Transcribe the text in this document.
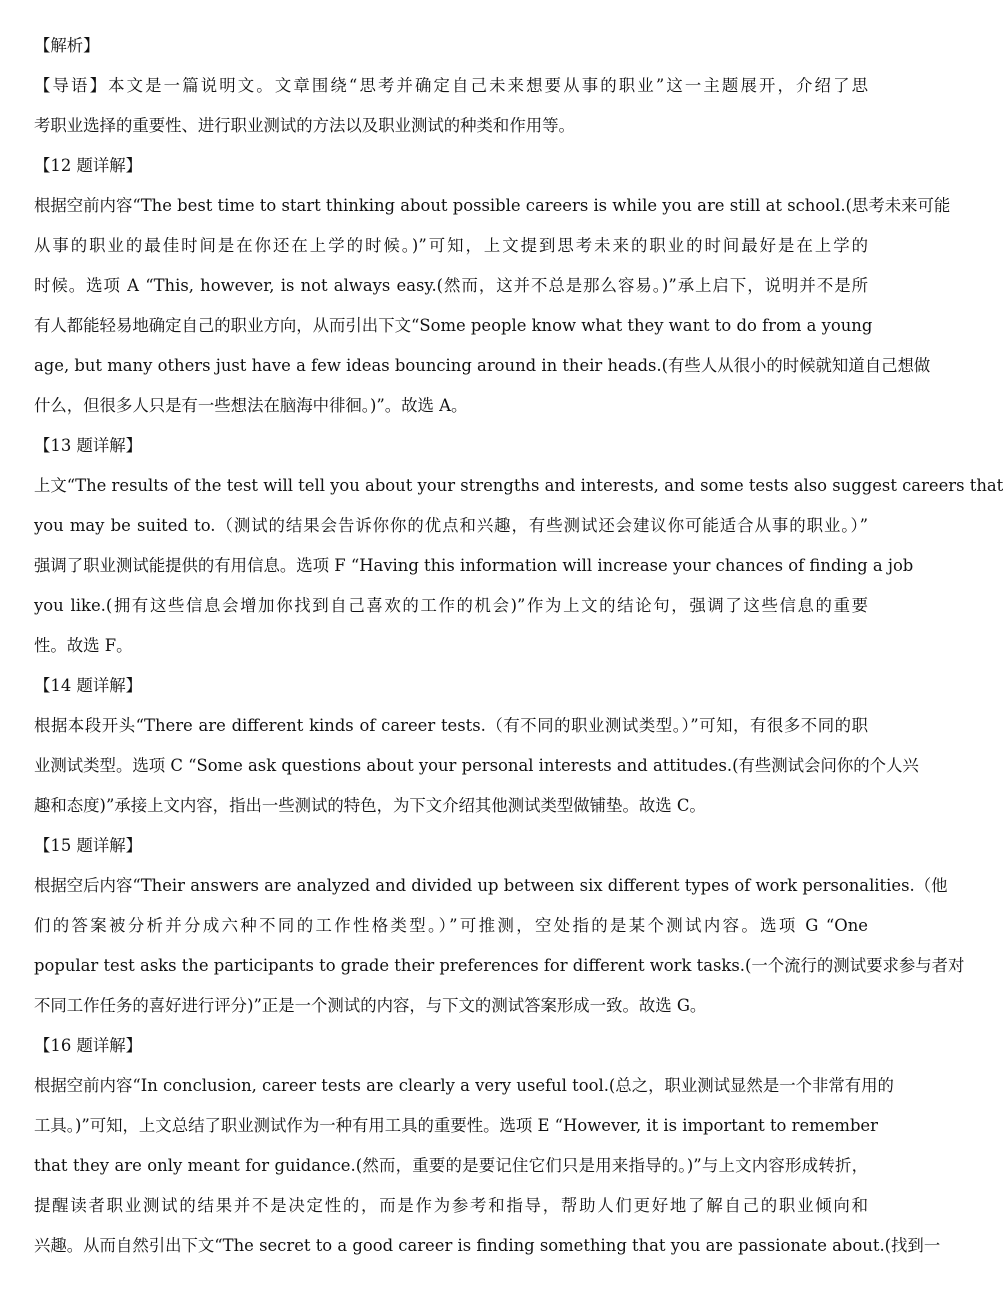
【解析】
【导语】本文是一篇说明文。文章围绕“思考并确定自己未来想要从事的职业”这一主题展开，介绍了思
考职业选择的重要性、进行职业测试的方法以及职业测试的种类和作用等。
【12 题详解】
根据空前内容“The best time to start thinking about possible careers is while you are still at school.(思考未来可能
从事的职业的最佳时间是在你还在上学的时候。)”可知，上文提到思考未来的职业的时间最好是在上学的
时候。选项 A “This, however, is not always easy.(然而，这并不总是那么容易。)”承上启下，说明并不是所
有人都能轻易地确定自己的职业方向，从而引出下文“Some people know what they want to do from a young
age, but many others just have a few ideas bouncing around in their heads.(有些人从很小的时候就知道自己想做
什么，但很多人只是有一些想法在脑海中徘徊。)”。故选 A。
【13 题详解】
上文“The results of the test will tell you about your strengths and interests, and some tests also suggest careers that
you may be suited to.（测试的结果会告诉你你的优点和兴趣，有些测试还会建议你可能适合从事的职业。）”
强调了职业测试能提供的有用信息。选项 F “Having this information will increase your chances of finding a job
you like.(拥有这些信息会增加你找到自己喜欢的工作的机会)”作为上文的结论句，强调了这些信息的重要
性。故选 F。
【14 题详解】
根据本段开头“There are different kinds of career tests.（有不同的职业测试类型。）”可知，有很多不同的职
业测试类型。选项 C “Some ask questions about your personal interests and attitudes.(有些测试会问你的个人兴
趣和态度)”承接上文内容，指出一些测试的特色，为下文介绍其他测试类型做铺垫。故选 C。
【15 题详解】
根据空后内容“Their answers are analyzed and divided up between six different types of work personalities.（他
们的答案被分析并分成六种不同的工作性格类型。）”可推测，空处指的是某个测试内容。选项 G “One
popular test asks the participants to grade their preferences for different work tasks.(一个流行的测试要求参与者对
不同工作任务的喜好进行评分)”正是一个测试的内容，与下文的测试答案形成一致。故选 G。
【16 题详解】
根据空前内容“In conclusion, career tests are clearly a very useful tool.(总之，职业测试显然是一个非常有用的
工具。)”可知，上文总结了职业测试作为一种有用工具的重要性。选项 E “However, it is important to remember
that they are only meant for guidance.(然而，重要的是要记住它们只是用来指导的。)”与上文内容形成转折，
提醒读者职业测试的结果并不是决定性的，而是作为参考和指导，帮助人们更好地了解自己的职业倾向和
兴趣。从而自然引出下文“The secret to a good career is finding something that you are passionate about.(找到一
